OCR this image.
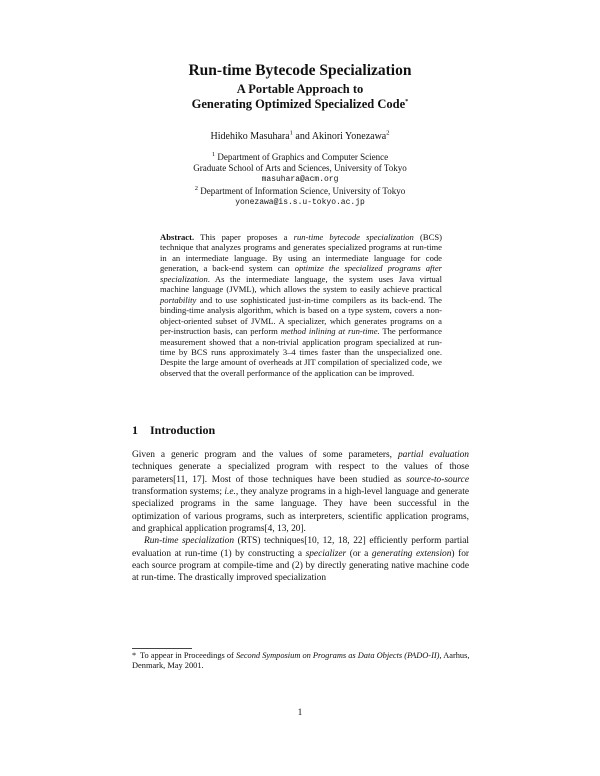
Run-time Bytecode Specialization
A Portable Approach to
Generating Optimized Specialized Code*
Hidehiko Masuhara$^1$ and Akinori Yonezawa$^2$
$^1$ Department of Graphics and Computer Science
Graduate School of Arts and Sciences, University of Tokyo
masuhara@acm.org
$^2$ Department of Information Science, University of Tokyo
yonezawa@is.s.u-tokyo.ac.jp
Abstract. This paper proposes a run-time bytecode specialization (BCS) technique that analyzes programs and generates specialized programs at run-time in an intermediate language. By using an intermediate language for code generation, a back-end system can optimize the specialized programs after specialization. As the intermediate language, the system uses Java virtual machine language (JVML), which allows the system to easily achieve practical portability and to use sophisticated just-in-time compilers as its back-end. The binding-time analysis algorithm, which is based on a type system, covers a non-object-oriented subset of JVML. A specializer, which generates programs on a per-instruction basis, can perform method inlining at run-time. The performance measurement showed that a non-trivial application program specialized at run-time by BCS runs approximately 3–4 times faster than the unspecialized one. Despite the large amount of overheads at JIT compilation of specialized code, we observed that the overall performance of the application can be improved.
1 Introduction

Given a generic program and the values of some parameters, partial evaluation techniques generate a specialized program with respect to the values of those parameters[11, 17]. Most of those techniques have been studied as source-to-source transformation systems; i.e., they analyze programs in a high-level language and generate specialized programs in the same language. They have been successful in the optimization of various programs, such as interpreters, scientific application programs, and graphical application programs[4, 13, 20].

Run-time specialization (RTS) techniques[10, 12, 18, 22] efficiently perform partial evaluation at run-time (1) by constructing a specializer (or a generating extension) for each source program at compile-time and (2) by directly generating native machine code at run-time. The drastically improved specialization

* To appear in Proceedings of Second Symposium on Programs as Data Objects (PADO-II), Aarhus, Denmark, May 2001.
1
